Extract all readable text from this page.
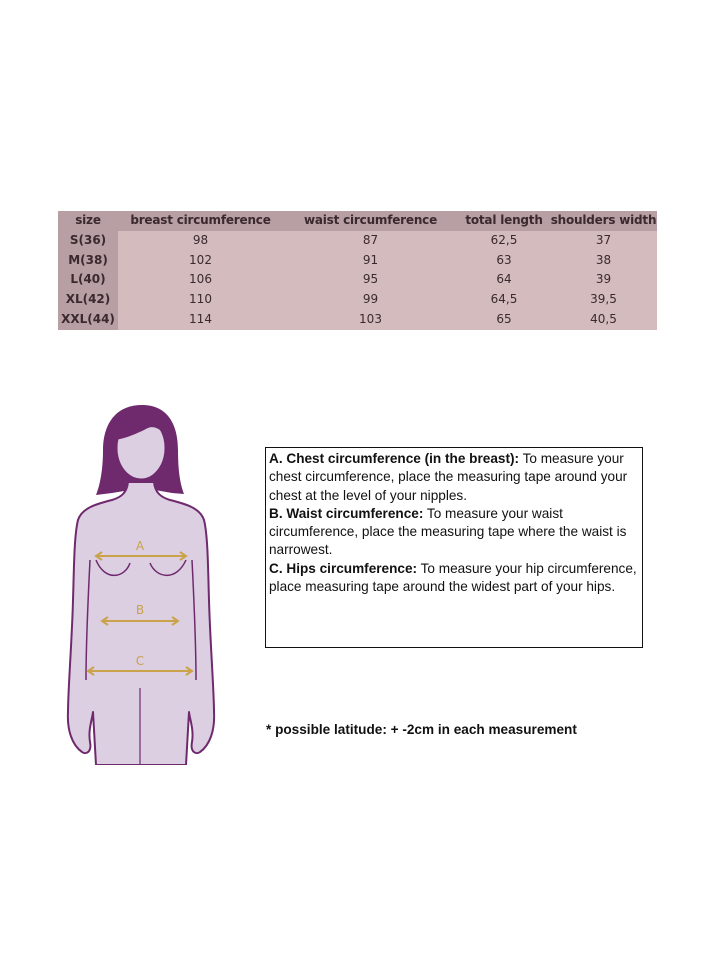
size	breast circumference	waist circumference	total length	shoulders width
S(36)	98	87	62,5	37
M(38)	102	91	63	38
L(40)	106	95	64	39
XL(42)	110	99	64,5	39,5
XXL(44)	114	103	65	40,5
A
B
C

A. Chest circumference (in the breast): To measure your chest circumference, place the measuring tape around your chest at the level of your nipples.

B. Waist circumference: To measure your waist circumference, place the measuring tape where the waist is narrowest.

C. Hips circumference: To measure your hip circumference, place measuring tape around the widest part of your hips.

* possible latitude: + -2cm in each measurement
